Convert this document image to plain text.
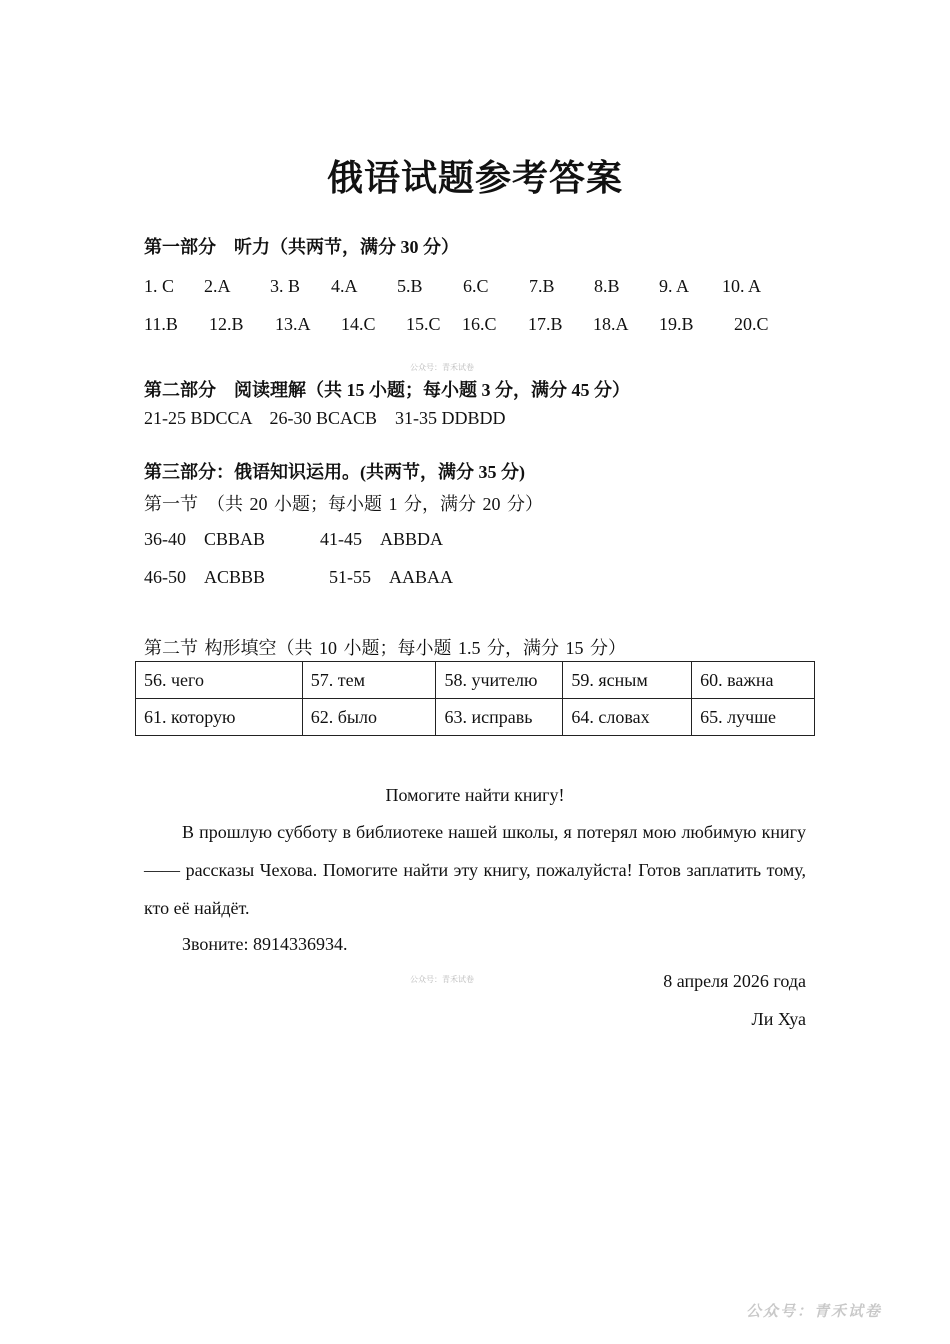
俄语试题参考答案
第一部分　听力（共两节，满分 30 分）
1. C 2.A 3. B 4.A 5.B 6.C 7.B 8.B 9. A 10. A
11.B 12.B 13.A 14.C 15.C 16.C 17.B 18.A 19.B 20.C
公众号：青禾试卷
第二部分　阅读理解（共 15 小题；每小题 3 分，满分 45 分）
21-25 BDCCA　26-30 BCACB　31-35 DDBDD
第三部分：俄语知识运用。(共两节，满分 35 分)
第一节　（共 20 小题；每小题 1 分，满分 20 分）
36-40　CBBAB	41-45　ABBDA
46-50　ACBBB	51-55　AABAA
第二节 构形填空（共 10 小题；每小题 1.5 分，满分 15 分）
56. чего	57. тем	58. учителю	59. ясным	60. важна
61. которую	62. было	63. исправь	64. словах	65. лучше
Помогите найти книгу!
В прошлую субботу в библиотеке нашей школы, я потерял мою любимую книгу —— рассказы Чехова. Помогите найти эту книгу, пожалуйста! Готов заплатить тому, кто её найдёт.
Звоните: 8914336934.
公众号：青禾试卷	8 апреля 2026 года
Ли Хуа
公众号：青禾试卷
